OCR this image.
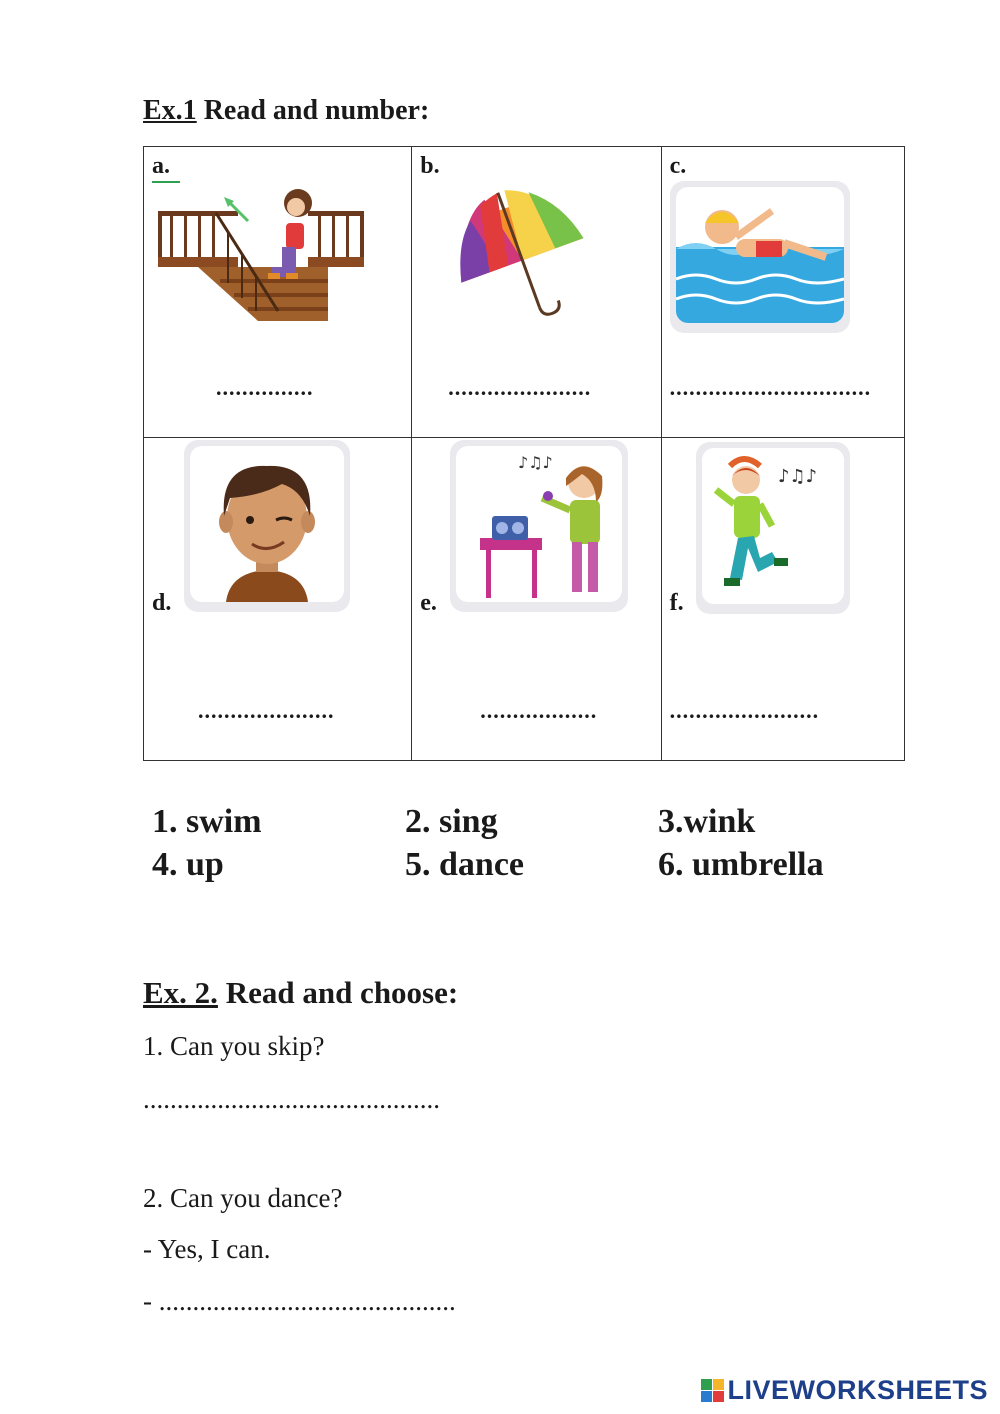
Ex.1 Read and number:
a.
...............	b.
......................	c.
...............................

d.
.....................	♪♫♪
e.
..................	♪♫♪
f.
.......................
1. swim	2. sing	3.wink
4. up	5. dance	6. umbrella
Ex. 2. Read and choose:
1. Can you skip?
............................................
2. Can you dance?
- Yes, I can.
- ............................................
LIVEWORKSHEETS
